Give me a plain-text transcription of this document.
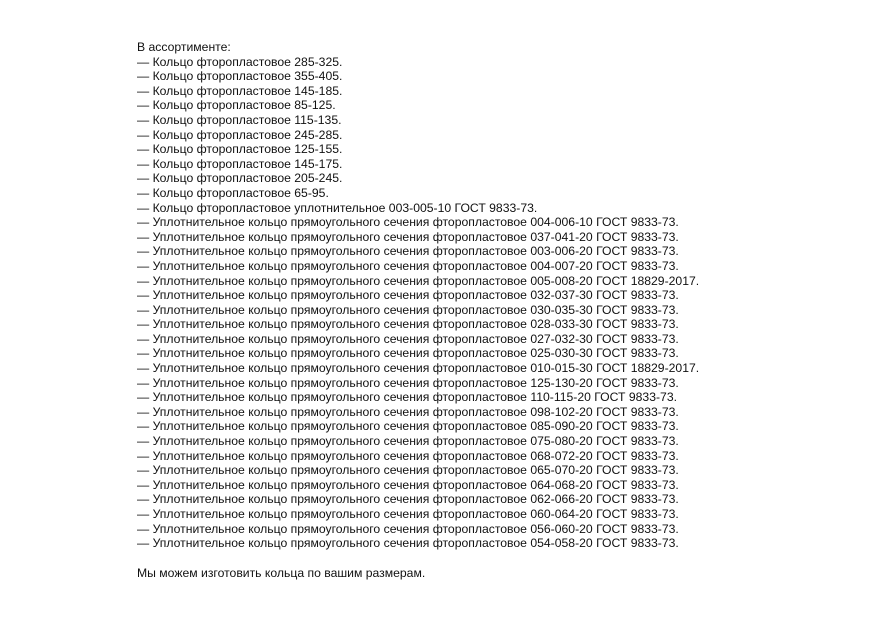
В ассортименте:
— Кольцо фторопластовое 285-325.
— Кольцо фторопластовое 355-405.
— Кольцо фторопластовое 145-185.
— Кольцо фторопластовое 85-125.
— Кольцо фторопластовое 115-135.
— Кольцо фторопластовое 245-285.
— Кольцо фторопластовое 125-155.
— Кольцо фторопластовое 145-175.
— Кольцо фторопластовое 205-245.
— Кольцо фторопластовое 65-95.
— Кольцо фторопластовое уплотнительное 003-005-10 ГОСТ 9833-73.
— Уплотнительное кольцо прямоугольного сечения фторопластовое 004-006-10 ГОСТ 9833-73.
— Уплотнительное кольцо прямоугольного сечения фторопластовое 037-041-20 ГОСТ 9833-73.
— Уплотнительное кольцо прямоугольного сечения фторопластовое 003-006-20 ГОСТ 9833-73.
— Уплотнительное кольцо прямоугольного сечения фторопластовое 004-007-20 ГОСТ 9833-73.
— Уплотнительное кольцо прямоугольного сечения фторопластовое 005-008-20 ГОСТ 18829-2017.
— Уплотнительное кольцо прямоугольного сечения фторопластовое 032-037-30 ГОСТ 9833-73.
— Уплотнительное кольцо прямоугольного сечения фторопластовое 030-035-30 ГОСТ 9833-73.
— Уплотнительное кольцо прямоугольного сечения фторопластовое 028-033-30 ГОСТ 9833-73.
— Уплотнительное кольцо прямоугольного сечения фторопластовое 027-032-30 ГОСТ 9833-73.
— Уплотнительное кольцо прямоугольного сечения фторопластовое 025-030-30 ГОСТ 9833-73.
— Уплотнительное кольцо прямоугольного сечения фторопластовое 010-015-30 ГОСТ 18829-2017.
— Уплотнительное кольцо прямоугольного сечения фторопластовое 125-130-20 ГОСТ 9833-73.
— Уплотнительное кольцо прямоугольного сечения фторопластовое 110-115-20 ГОСТ 9833-73.
— Уплотнительное кольцо прямоугольного сечения фторопластовое 098-102-20 ГОСТ 9833-73.
— Уплотнительное кольцо прямоугольного сечения фторопластовое 085-090-20 ГОСТ 9833-73.
— Уплотнительное кольцо прямоугольного сечения фторопластовое 075-080-20 ГОСТ 9833-73.
— Уплотнительное кольцо прямоугольного сечения фторопластовое 068-072-20 ГОСТ 9833-73.
— Уплотнительное кольцо прямоугольного сечения фторопластовое 065-070-20 ГОСТ 9833-73.
— Уплотнительное кольцо прямоугольного сечения фторопластовое 064-068-20 ГОСТ 9833-73.
— Уплотнительное кольцо прямоугольного сечения фторопластовое 062-066-20 ГОСТ 9833-73.
— Уплотнительное кольцо прямоугольного сечения фторопластовое 060-064-20 ГОСТ 9833-73.
— Уплотнительное кольцо прямоугольного сечения фторопластовое 056-060-20 ГОСТ 9833-73.
— Уплотнительное кольцо прямоугольного сечения фторопластовое 054-058-20 ГОСТ 9833-73.
Мы можем изготовить кольца по вашим размерам.
